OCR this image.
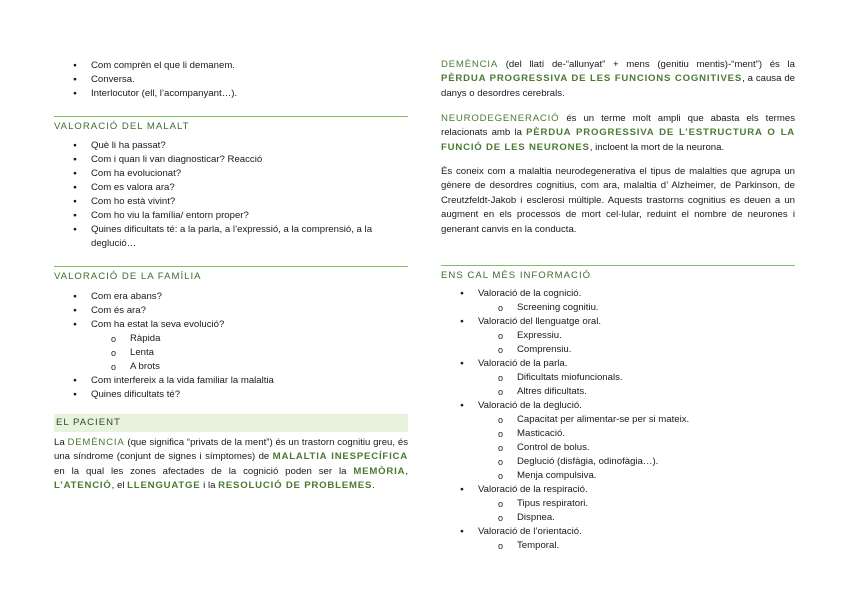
● Com comprèn el que li demanem.
● Conversa.
● Interlocutor (ell, l’acompanyant…).
VALORACIÓ DEL MALALT
● Què li ha passat?
● Com i quan li van diagnosticar? Reacció
● Com ha evolucionat?
● Com es valora ara?
● Com ho està vivint?
● Com ho viu la família/ entorn proper?
● Quines dificultats té: a la parla, a l’expressió, a la comprensió, a la deglució…
VALORACIÓ DE LA FAMÍLIA
● Com era abans?
● Com és ara?
● Com ha estat la seva evolució?
o Ràpida
o Lenta
o A brots
● Com interfereix a la vida familiar la malaltia
● Quines dificultats té?
EL PACIENT

La DEMÈNCIA (que significa “privats de la ment”) és un trastorn cognitiu greu, és una síndrome (conjunt de signes i símptomes) de MALALTIA INESPECÍFICA en la qual les zones afectades de la cognició poden ser la MEMÒRIA, L’ATENCIÓ, el LLENGUATGE i la RESOLUCIÓ DE PROBLEMES.

DEMÈNCIA (del llatí de-“allunyat” + mens (genitiu mentis)-“ment”) és la PÈRDUA PROGRESSIVA DE LES FUNCIONS COGNITIVES, a causa de danys o desordres cerebrals.

NEURODEGENERACIÓ és un terme molt ampli que abasta els termes relacionats amb la PÈRDUA PROGRESSIVA DE L’ESTRUCTURA O LA FUNCIÓ DE LES NEURONES, incloent la mort de la neurona.

És coneix com a malaltia neurodegenerativa el tipus de malalties que agrupa un gènere de desordres cognitius, com ara, malaltia d’ Alzheimer, de Parkinson, de Creutzfeldt-Jakob i esclerosi múltiple. Aquests trastorns cognitius es deuen a un augment en els processos de mort cel·lular, reduint el nombre de neurones i generant canvis en la conducta.

ENS CAL MÉS INFORMACIÓ
● Valoració de la cognició.
o Screening cognitiu.
● Valoració del llenguatge oral.
o Expressiu.
o Comprensiu.
● Valoració de la parla.
o Dificultats miofuncionals.
o Altres dificultats.
● Valoració de la deglució.
o Capacitat per alimentar-se per si mateix.
o Masticació.
o Control de bolus.
o Deglució (disfàgia, odinofàgia…).
o Menja compulsiva.
● Valoració de la respiració.
o Tipus respiratori.
o Dispnea.
● Valoració de l’orientació.
o Temporal.
